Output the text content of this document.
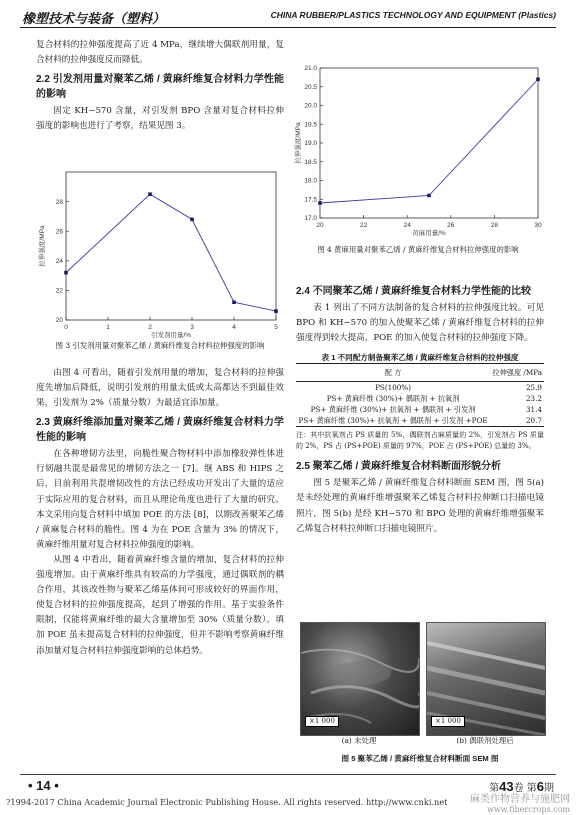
橡塑技术与装备（塑料）	CHINA RUBBER/PLASTICS TECHNOLOGY AND EQUIPMENT (Plastics)

复合材料的拉伸强度提高了近 4 MPa，继续增大偶联剂用量，复合材料的拉伸强度反而降低。

2.2 引发剂用量对聚苯乙烯 / 黄麻纤维复合材料力学性能的影响

固定 KH−570 含量，对引发剂 BPO 含量对复合材料拉伸强度的影响也进行了考察，结果见图 3。

20
22
24
26
28
0	1	2	3	4	5
引发剂用量/%
拉伸强度/MPa
图 3 引发剂用量对聚苯乙烯 / 黄麻纤维复合材料拉伸强度的影响

由图 4 可看出，随着引发剂用量的增加，复合材料的拉伸强度先增加后降低，说明引发剂的用量太低或太高都达不到最佳效果，引发剂为 2%（质量分数）为最适宜添加量。

2.3 黄麻纤维添加量对聚苯乙烯 / 黄麻纤维复合材料力学性能的影响

在各种增韧方法里，向脆性聚合物材料中添加橡胶弹性体进行韧融共混是最常见的增韧方法之一 [7]。继 ABS 和 HIPS 之后，目前利用共混增韧改性的方法已经成功开发出了大量的适应于实际应用的复合材料，而且从理论角度也进行了大量的研究。本文采用向复合材料中填加 POE 的方法 [8]，以期改善聚苯乙烯 / 黄麻复合材料的脆性。图 4 为在 POE 含量为 3% 的情况下，黄麻纤维用量对复合材料拉伸强度的影响。

从图 4 中看出，随着黄麻纤维含量的增加，复合材料的拉伸强度增加。由于黄麻纤维具有较高的力学强度，通过偶联剂的耦合作用，其该改性物与聚苯乙烯基体间可形成较好的界面作用，使复合材料的拉伸强度提高，起到了增强的作用。基于实验条件限制，仅能将黄麻纤维的最大含量增加至 30%（质量分数）。填加 POE 虽未提高复合材料的拉伸强度，但并不影响考察黄麻纤维添加量对复合材料拉伸强度影响的总体趋势。

17.0
17.5
18.0
18.5
19.0
19.5
20.0
20.5
21.0
20	22	24	26	28	30
黄麻用量/%
拉伸强度/MPa
图 4 黄麻用量对聚苯乙烯 / 黄麻纤维复合材料拉伸强度的影响
2.4 不同聚苯乙烯 / 黄麻纤维复合材料力学性能的比较

表 1 列出了不同方法制备的复合材料的拉伸强度比较。可见 BPO 和 KH−570 的加入使聚苯乙烯 / 黄麻纤维复合材料的拉伸强度得到较大提高，POE 的加入使复合材料的拉伸强度下降。

表 1 不同配方制备聚苯乙烯 / 黄麻纤维复合材料的拉伸强度
配 方	拉伸强度 /MPa
PS(100%)	25.9
PS+ 黄麻纤维 (30%)+ 偶联剂 + 抗氧剂	23.2
PS+ 黄麻纤维 (30%)+ 抗氧剂 + 偶联剂 + 引发剂	31.4
PS+ 黄麻纤维 (30%)+ 抗氧剂 + 偶联剂 + 引发剂 +POE	20.7
注：其中抗氧剂占 PS 质量的 5%，偶联剂占麻质量的 2%，引发剂占 PS 质量的 2%，PS 占 (PS+POE) 质量的 97%，POE 占 (PS+POE) 总量的 3%。
2.5 聚苯乙烯 / 黄麻纤维复合材料断面形貌分析

图 5 是聚苯乙烯 / 黄麻纤维复合材料断面 SEM 图，图 5(a) 是未经处理的黄麻纤维增强聚苯乙烯复合材料拉伸断口扫描电镜照片，图 5(b) 是经 KH−570 和 BPO 处理的黄麻纤维增强聚苯乙烯复合材料拉伸断口扫描电镜照片。

×1 000	×1 000
(a) 未处理	(b) 偶联剂处理后
图 5 聚苯乙烯 / 黄麻纤维复合材料断面 SEM 图
• 14 •	第43卷 第6期
?1994-2017 China Academic Journal Electronic Publishing House. All rights reserved. http://www.cnki.net 麻类作物营养与施肥网
www.fibercrops.com
